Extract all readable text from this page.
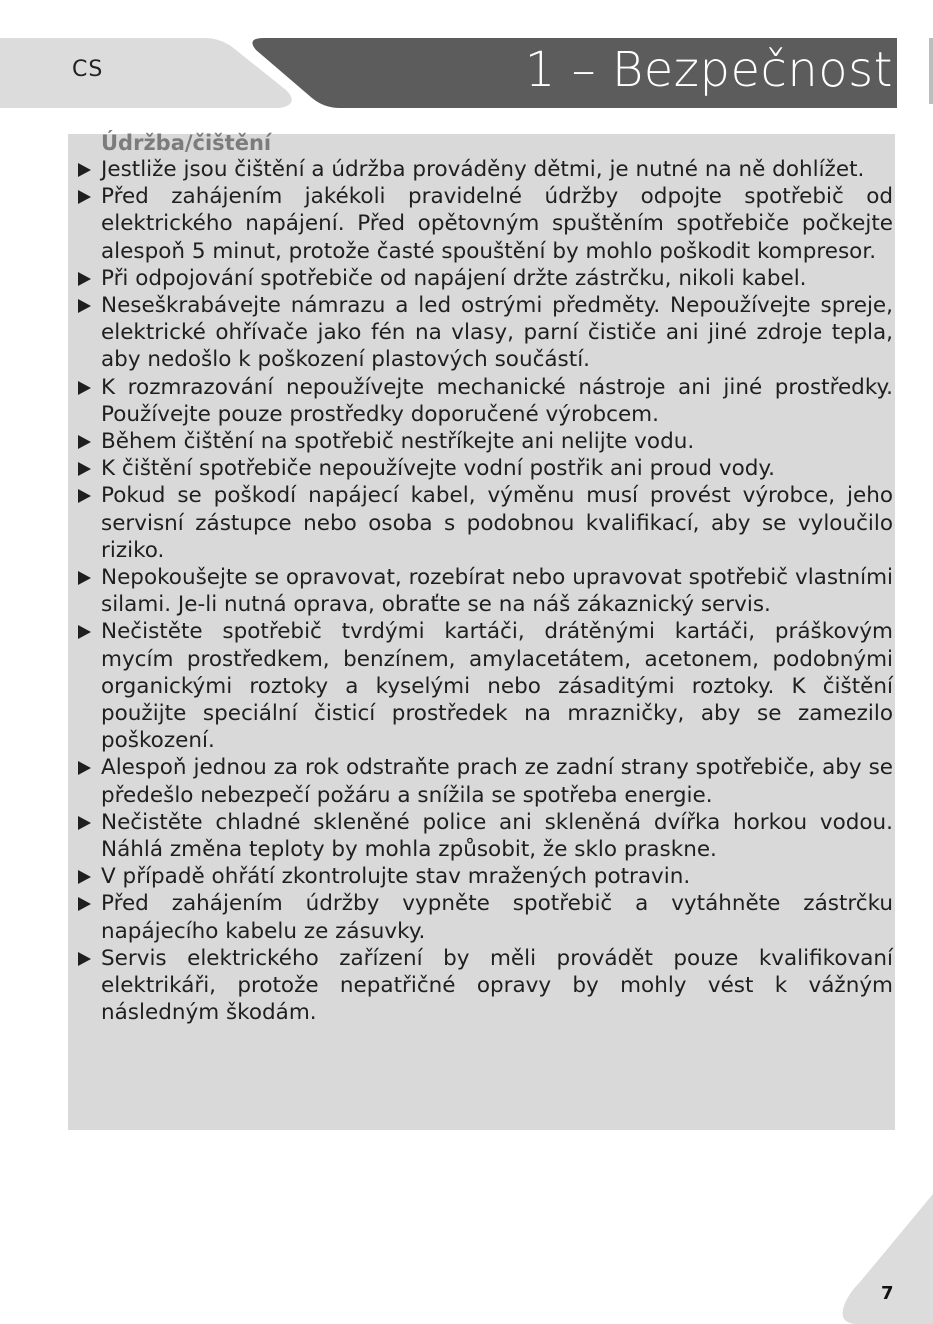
CS	1 – Bezpečnost
Údržba/čištění
Jestliže jsou čištění a údržba prováděny dětmi, je nutné na ně dohlížet.
Před zahájením jakékoli pravidelné údržby odpojte spotřebič od elektrického napájení. Před opětovným spuštěním spotřebiče počkejte alespoň 5 minut, protože časté spouštění by mohlo poškodit kompresor.
Při odpojování spotřebiče od napájení držte zástrčku, nikoli kabel.
Neseškrabávejte námrazu a led ostrými předměty. Nepoužívejte spreje, elektrické ohřívače jako fén na vlasy, parní čističe ani jiné zdroje tepla, aby nedošlo k poškození plastových součástí.
K rozmrazování nepoužívejte mechanické nástroje ani jiné prostředky. Používejte pouze prostředky doporučené výrobcem.
Během čištění na spotřebič nestříkejte ani nelijte vodu.
K čištění spotřebiče nepoužívejte vodní postřik ani proud vody.
Pokud se poškodí napájecí kabel, výměnu musí provést výrobce, jeho servisní zástupce nebo osoba s podobnou kvalifikací, aby se vyloučilo riziko.
Nepokoušejte se opravovat, rozebírat nebo upravovat spotřebič vlastními silami. Je-li nutná oprava, obraťte se na náš zákaznický servis.
Nečistěte spotřebič tvrdými kartáči, drátěnými kartáči, práškovým mycím prostředkem, benzínem, amylacetátem, acetonem, podobnými organickými roztoky a kyselými nebo zásaditými roztoky. K čištění použijte speciální čisticí prostředek na mrazničky, aby se zamezilo poškození.
Alespoň jednou za rok odstraňte prach ze zadní strany spotřebiče, aby se předešlo nebezpečí požáru a snížila se spotřeba energie.
Nečistěte chladné skleněné police ani skleněná dvířka horkou vodou. Náhlá změna teploty by mohla způsobit, že sklo praskne.
V případě ohřátí zkontrolujte stav mražených potravin.
Před zahájením údržby vypněte spotřebič a vytáhněte zástrčku napájecího kabelu ze zásuvky.
Servis elektrického zařízení by měli provádět pouze kvalifikovaní elektrikáři, protože nepatřičné opravy by mohly vést k vážným následným škodám.
7
